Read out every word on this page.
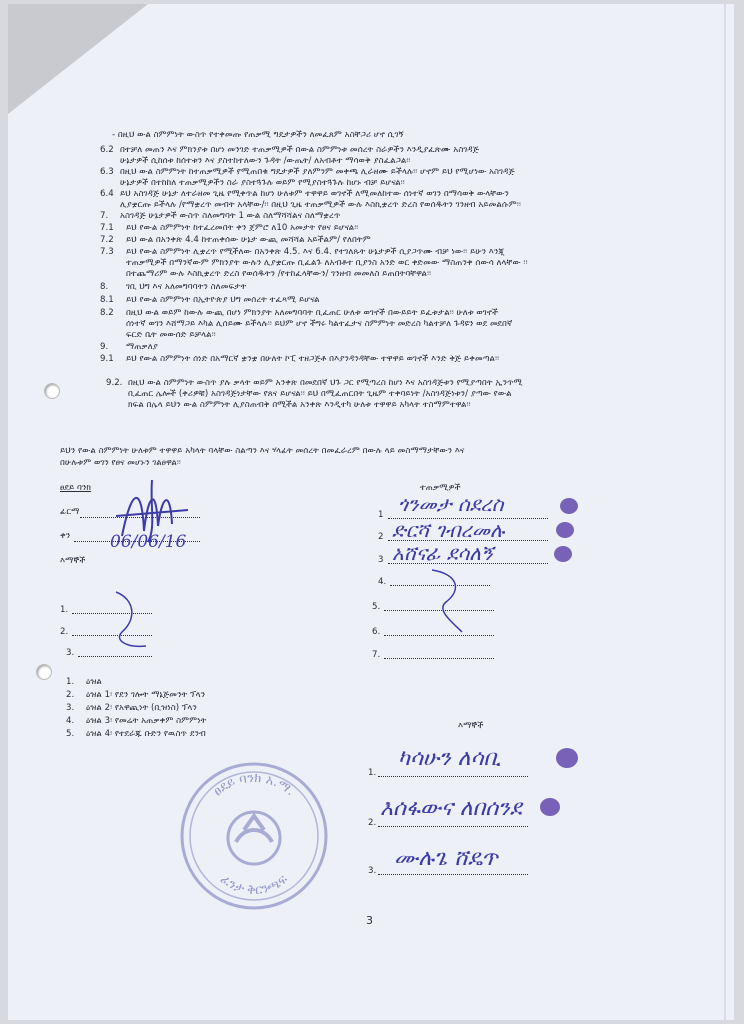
- በዚህ ውል ስምምነት ውስጥ የተቀመጡ የጠቃሚ ግዴታዎችን ለመፈጸም አስቸጋሪ ሆኖ ሲገኝ
6.2 በተቻለ መጠን እና ምክንያቱ በሆነ መንገድ ተጠቃሚዎች በውል ስምምነቱ መሰረት ስራዎችን እንዲያፈጽሙ አስገዳጅ
ሁኔታዎች ሲከሰቱ ከሰተቱን እና ያስተከተለውን ጉዳት /ውጤት/ ለአብቶተ ማሳወቅ ያስፈልጋል፡፡
6.3 በዚህ ውል ስምምነት ከተጠቃሚዎች የሚጠበቁ ግዴታዎች ያለምንም መቀጫ ሊራዘሙ ይችላሉ፡፡ ሆኖም ይህ የሚሆነው አስገዳጅ
ሁኔታዎች በተከከለ ተጠቃሚዎችን ስራ ያስተጓጉሉ ወይም የሚያስተጓጉሉ ከሆኑ ብቻ ይሆናል፡፡
6.4 ይህ አስገዳጅ ሁኔታ ለተራዘመ ጊዜ የሚቀጥል ከሆነ ሁለቱም ተዋዋይ ወገኖች ለሚመለከተው ሰነተኛ ወገን በማሳወቅ ውላቸውን
ሊያቋርጡ ይችላሉ /የማቋረጥ መብት አላቸው/፡፡ በዚህ ጊዜ ተጠቃሚዎች ውሉ እስኪቋረጥ ድረስ የወሰዱትን ገንዘብ አይመልሱም፡፡
7. አስገዳጅ ሁኔታዎች ውስጥ ስለመግባት 1 ውል ስለማሻሻልና ስለማቋረጥ
7.1 ይህ የውል ስምምነት ከተፈረመበት ቀን ጀምሮ ለ10 አመታት የፀና ይሆናል፡፡
7.2 ይህ ውል በአንቀጽ 4.4 ከተጠቀሰው ሁኔታ ውጪ መሻሻል አይችልም/ የለበትም
7.3 ይህ የውል ስምምነት ሊቋረጥ የሚችለው በአንቀጽ 4.5. እና 6.4. የተገለጹት ሁኔታዎች ሲያጋጥሙ ብቻ ነው፡፡ ይሁን እንጂ
ተጠቃሚዎች በማንኛውም ምክንያት ውሉን ሊያቋርጡ ቢፈልጉ ለአብቶተ ቢያንስ አንድ ወር ቀድመው ማስጠንቀ ሰውሳ ለላቸው ፡፡
በተጨማሪም ውሉ እስኪቋረጥ ድረስ የወሰዱትን /የተከፈላቸውን/ ገንዘብ መመለስ ይጠበትባቸዋል፡፡
8. ገቢ ህግ እና አለመግባባትን ስለመፍታት
8.1 ይህ የውል ስምምነት በኢትዮጵያ ህግ መሰረት ተፈጻሚ ይሆናል
8.2 በዚህ ውል ወይም ከውሉ ውጪ በሆነ ምክንያት አለመግባባት ቢፈጠር ሁለቱ ወገኖች በውይይት ይፈቱታል፡፡ ሁለቱ ወገኖች
ሰነተኛ ወገን እሸማጋይ እካል ሊሰይሙ ይችላሉ፡፡ ይህም ሆኖ ችግሩ ካልተፈታና ስምምነት መድረስ ካልተቻለ ጉዳዩን ወደ መደበኛ
ፍርድ ቤት መውሰድ ይቻላል፡፡
9. ማጠቃለያ
9.1 ይህ የውል ስምምነት ሰነድ በአማርኛ ቋንቋ በሁለት ኮፒ ተዘጋጅቶ በእያንዳንዳቸው ተዋዋይ ወገኖች እንድ ቅጅ ይቀመጣል፡፡
9.2. በዚህ ውል ስምምነት ውስጥ ያሉ ቃላት ወይም አንቀጽ በመደበኛ ህጉ ጋር የሚጣረስ ከሆነ እና አስገዳጅቱን የሚያጣበት ኢንጥሚ
ቢፈጠር ሌሎች (ቀሪዎቹ) አስገዳጅነታቸው የጸና ይሆናል፡፡ ይህ በሚፈጠርበት ጊዜም ተቀባይነት /አስገዳጅነቱን/ ያጣው የውል
ክፍል በሌላ ይህን ውል ስምምነት ሊያስጠብቅ በሚችል አንቀጽ እንዲተካ ሁለቱ ተዋዋይ አካላት ተስማምተዋል፡፡
ይህን የውል ስምምነት ሁለቱም ተዋዋይ አካላት ባላቸው ስልጣን እና ሃላፊት መሰረት በመፈራረም በውሉ ላይ መስማማታቸውን እና
በሁሉቱም ወገን የፀና መሆኑን ገልፀዋል፡፡
ፀደይ ባንክ
ፊርማ
ቀን 06/06/16
እማኞች
1.
2.
3.
ተጠቃሚዎች
1
2
3
ጎንመታ ሰደረስ
ድርሻ ገብረመሉ
አሸናፊ ደሳለኝ
4.
5.
6.
7.
1. ዕዝል
2. ዕዝል 1፡ የደን ገሎት ማኔጅመንት ፕላን
3. ዕዝል 2፡ የአዋጪነት (ቢዝነስ) ፕላን
4. ዕዝል 3፡ የመሬት አጠቃቀም ስምምነት
5. ዕዝል 4፡ የተደራጁ ቡድን የዉስጥ ደንብ
እማኞች
1.
ካሳሁን ለሳቢ
2.
እሰፋውና ለበሰንደ
3. ሙሉጌ ሸዴጥ
ፀደይ ባንክ አ.ማ.
ፈንታ ቅርንጫፍ
3
